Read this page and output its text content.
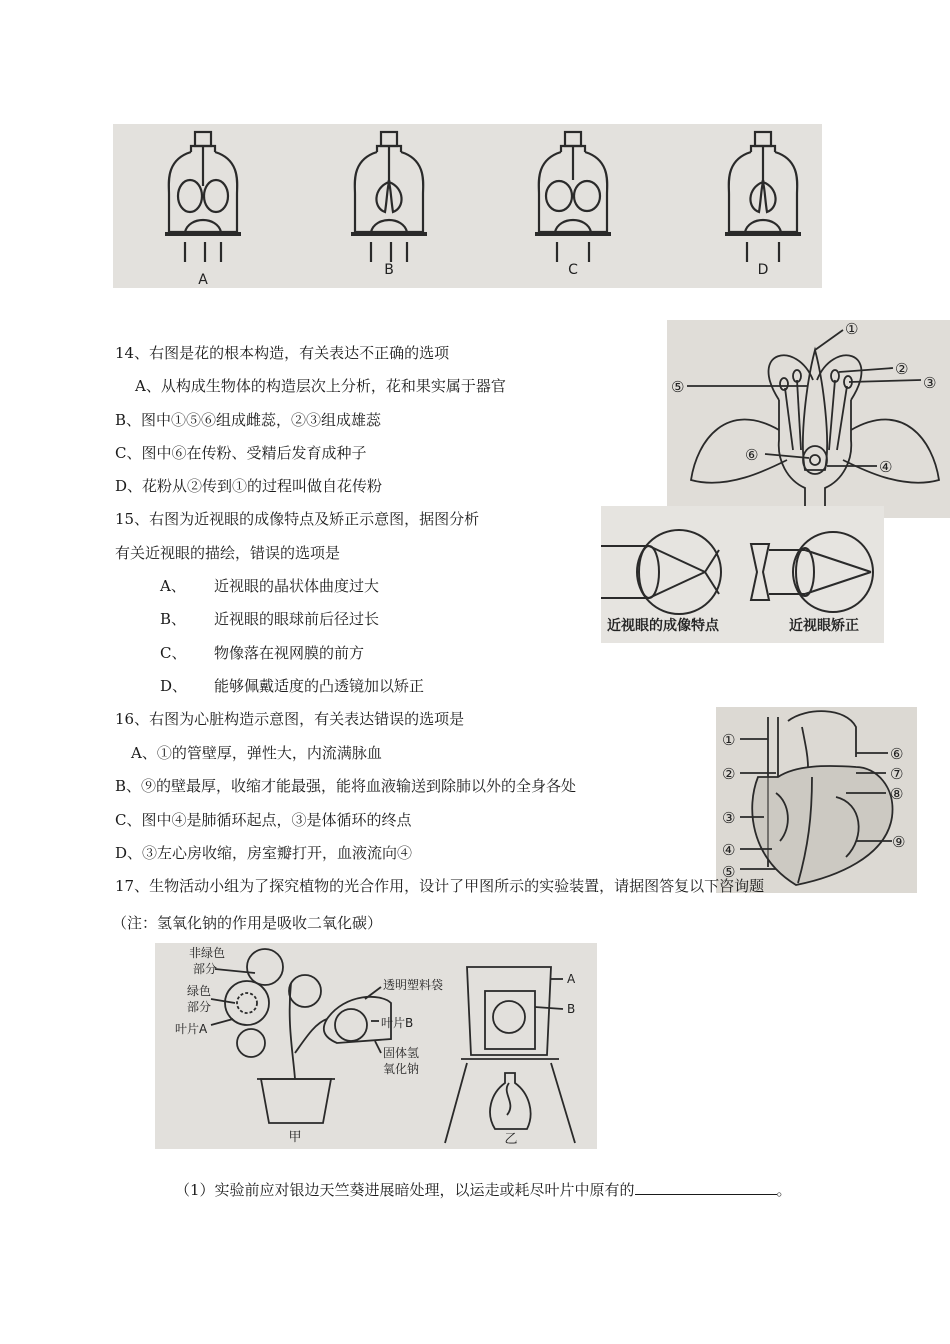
A
B	C	D
14、右图是花的根本构造，有关表达不正确的选项
A、从构成生物体的构造层次上分析，花和果实属于器官
B、图中①⑤⑥组成雌蕊，②③组成雄蕊
C、图中⑥在传粉、受精后发育成种子
D、花粉从②传到①的过程叫做自花传粉
①
②
③
④
⑤
⑥
15、右图为近视眼的成像特点及矫正示意图，据图分析
有关近视眼的描绘，错误的选项是
A、 近视眼的晶状体曲度过大
B、 近视眼的眼球前后径过长
C、 物像落在视网膜的前方
D、 能够佩戴适度的凸透镜加以矫正
近视眼的成像特点	近视眼矫正
16、右图为心脏构造示意图，有关表达错误的选项是
A、①的管壁厚，弹性大，内流满脉血
B、⑨的壁最厚，收缩才能最强，能将血液输送到除肺以外的全身各处
C、图中④是肺循环起点，③是体循环的终点
D、③左心房收缩，房室瓣打开，血液流向④
①
②
③
④
⑤
⑥
⑦
⑧
⑨
17、生物活动小组为了探究植物的光合作用，设计了甲图所示的实验装置，请据图答复以下咨询题
（注：氢氧化钠的作用是吸收二氧化碳）
非绿色
部分
绿色
部分
叶片A
透明塑料袋
叶片B
固体氢
氧化钠
甲	乙
A
B
（1）实验前应对银边天竺葵进展暗处理，以运走或耗尽叶片中原有的	。
